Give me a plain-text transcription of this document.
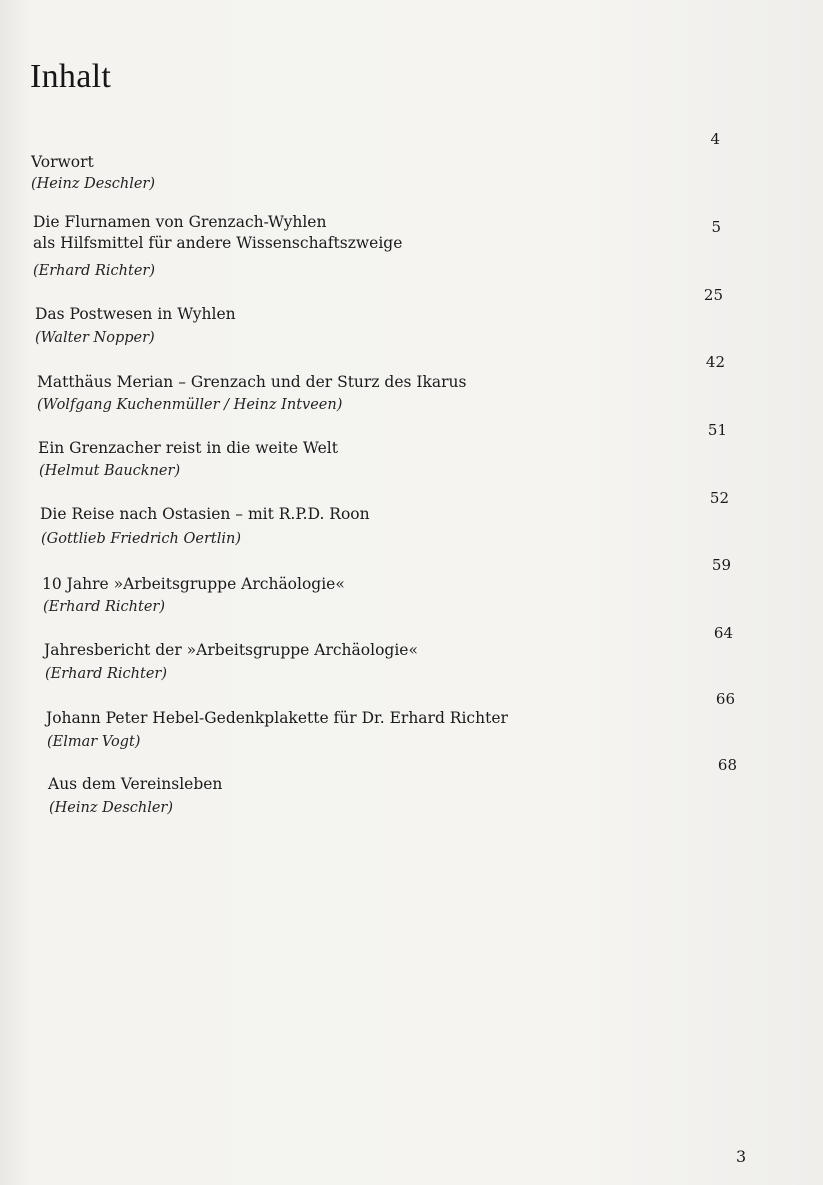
Inhalt
4
Vorwort
(Heinz Deschler)
5
Die Flurnamen von Grenzach-Wyhlen
als Hilfsmittel für andere Wissenschaftszweige
(Erhard Richter)
25
Das Postwesen in Wyhlen
(Walter Nopper)
42
Matthäus Merian – Grenzach und der Sturz des Ikarus
(Wolfgang Kuchenmüller / Heinz Intveen)
51
Ein Grenzacher reist in die weite Welt
(Helmut Bauckner)
52
Die Reise nach Ostasien – mit R.P.D. Roon
(Gottlieb Friedrich Oertlin)
59
10 Jahre »Arbeitsgruppe Archäologie«
(Erhard Richter)
64
Jahresbericht der »Arbeitsgruppe Archäologie«
(Erhard Richter)
66
Johann Peter Hebel-Gedenkplakette für Dr. Erhard Richter
(Elmar Vogt)
68
Aus dem Vereinsleben
(Heinz Deschler)
3
